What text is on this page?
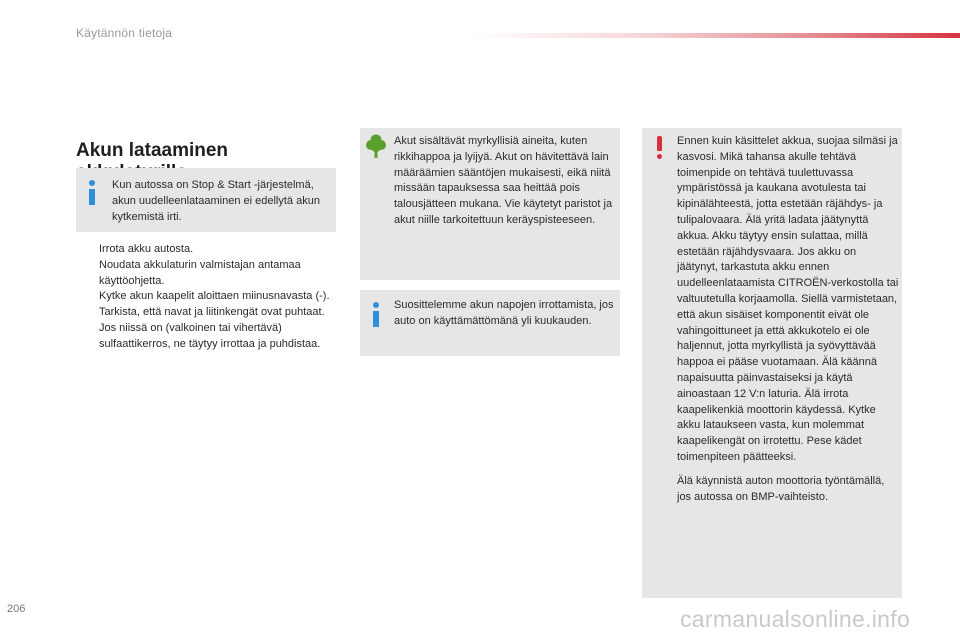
Käytännön tietoja
Akun lataaminen

Kun autossa on Stop & Start -järjestelmä, akun uudelleenlataaminen ei edellytä akun kytkemistä irti.

Irrota akku autosta.
Noudata akkulaturin valmistajan antamaa käyttöohjetta.
Kytke akun kaapelit aloittaen miinusnavasta (-).
Tarkista, että navat ja liitinkengät ovat puhtaat. Jos niissä on (valkoinen tai vihertävä) sulfaattikerros, ne täytyy irrottaa ja puhdistaa.

Akut sisältävät myrkyllisiä aineita, kuten rikkihappoa ja lyijyä. Akut on hävitettävä lain määräämien sääntöjen mukaisesti, eikä niitä missään tapauksessa saa heittää pois talousjätteen mukana. Vie käytetyt paristot ja akut niille tarkoitettuun keräyspisteeseen.

Suosittelemme akun napojen irrottamista, jos auto on käyttämättömänä yli kuukauden.

Ennen kuin käsittelet akkua, suojaa silmäsi ja kasvosi. Mikä tahansa akulle tehtävä toimenpide on tehtävä tuulettuvassa ympäristössä ja kaukana avotulesta tai kipinälähteestä, jotta estetään räjähdys- ja tulipalovaara. Älä yritä ladata jäätynyttä akkua. Akku täytyy ensin sulattaa, millä estetään räjähdysvaara. Jos akku on jäätynyt, tarkastuta akku ennen uudelleenlataamista CITROËN-verkostolla tai valtuutetulla korjaamolla. Siellä varmistetaan, että akun sisäiset komponentit eivät ole vahingoittuneet ja että akkukotelo ei ole haljennut, jotta myrkyllistä ja syövyttävää happoa ei pääse vuotamaan. Älä käännä napaisuutta päinvastaiseksi ja käytä ainoastaan 12 V:n laturia. Älä irrota kaapelikenkiä moottorin käydessä. Kytke akku lataukseen vasta, kun molemmat kaapelikengät on irrotettu. Pese kädet toimenpiteen päätteeksi.

Älä käynnistä auton moottoria työntämällä, jos autossa on BMP-vaihteisto.

206	carmanualsonline.info
